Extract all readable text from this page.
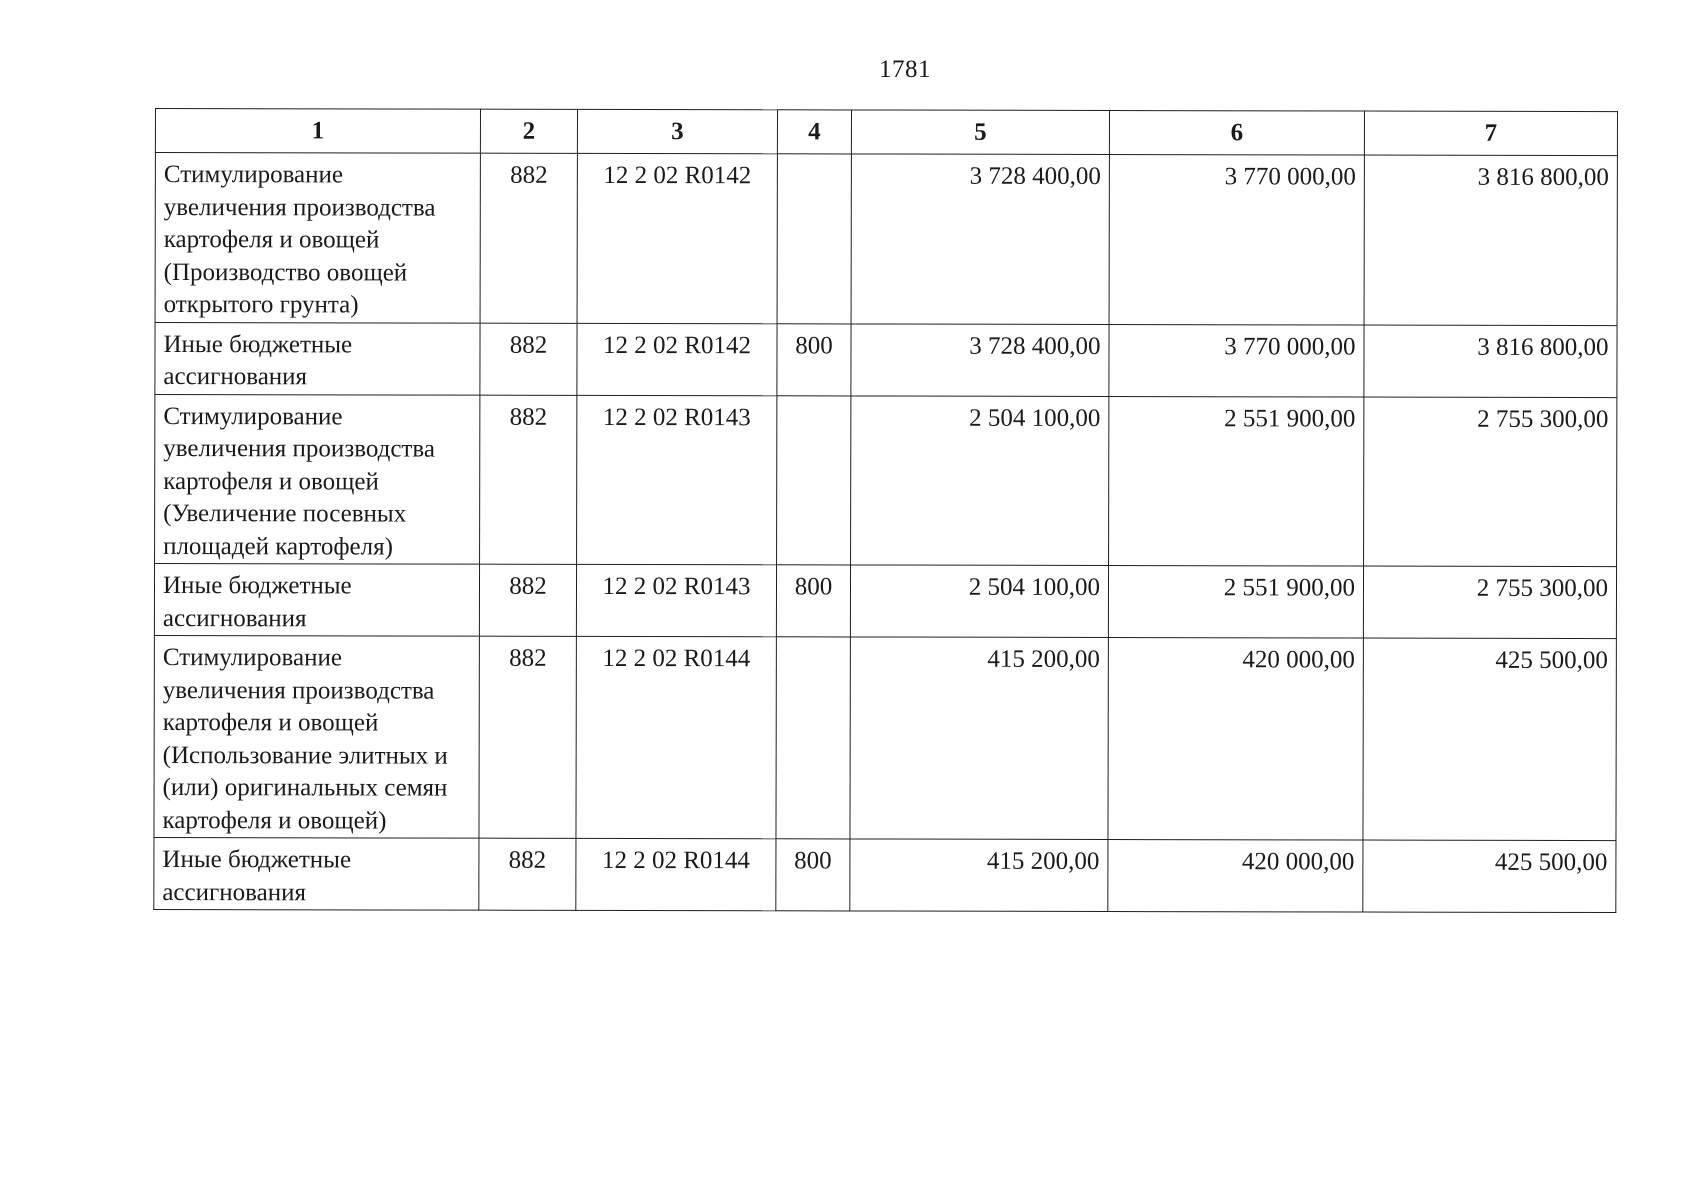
1781
1	2	3	4	5	6	7
Стимулирование увеличения производства картофеля и овощей (Производство овощей открытого грунта)	882	12 2 02 R0142		3 728 400,00	3 770 000,00	3 816 800,00
Иные бюджетные ассигнования	882	12 2 02 R0142	800	3 728 400,00	3 770 000,00	3 816 800,00
Стимулирование увеличения производства картофеля и овощей (Увеличение посевных площадей картофеля)	882	12 2 02 R0143		2 504 100,00	2 551 900,00	2 755 300,00
Иные бюджетные ассигнования	882	12 2 02 R0143	800	2 504 100,00	2 551 900,00	2 755 300,00
Стимулирование увеличения производства картофеля и овощей (Использование элитных и (или) оригинальных семян картофеля и овощей)	882	12 2 02 R0144		415 200,00	420 000,00	425 500,00
Иные бюджетные ассигнования	882	12 2 02 R0144	800	415 200,00	420 000,00	425 500,00
